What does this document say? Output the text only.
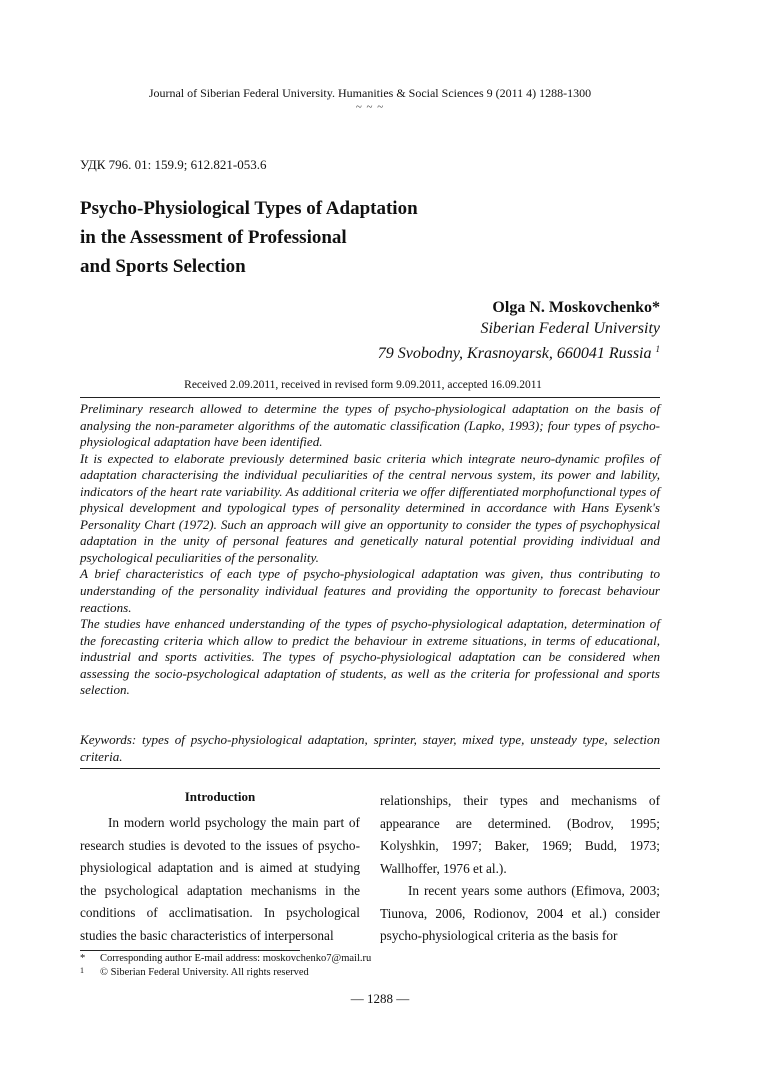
Journal of Siberian Federal University. Humanities & Social Sciences 9 (2011 4) 1288-1300
~ ~ ~
УДК 796. 01: 159.9; 612.821-053.6
Psycho-Physiological Types of Adaptation
in the Assessment of Professional
and Sports Selection
Olga N. Moskovchenko*
Siberian Federal University
79 Svobodny, Krasnoyarsk, 660041 Russia $^1$
Received 2.09.2011, received in revised form 9.09.2011, accepted 16.09.2011

Preliminary research allowed to determine the types of psycho-physiological adaptation on the basis of analysing the non-parameter algorithms of the automatic classification (Lapko, 1993); four types of psycho-physiological adaptation have been identified.

It is expected to elaborate previously determined basic criteria which integrate neuro-dynamic profiles of adaptation characterising the individual peculiarities of the central nervous system, its power and lability, indicators of the heart rate variability. As additional criteria we offer differentiated morphofunctional types of physical development and typological types of personality determined in accordance with Hans Eysenk's Personality Chart (1972). Such an approach will give an opportunity to consider the types of psychophysical adaptation in the unity of personal features and genetically natural potential providing individual and psychological peculiarities of the personality.

A brief characteristics of each type of psycho-physiological adaptation was given, thus contributing to understanding of the personality individual features and providing the opportunity to forecast behaviour reactions.

The studies have enhanced understanding of the types of psycho-physiological adaptation, determination of the forecasting criteria which allow to predict the behaviour in extreme situations, in terms of educational, industrial and sports activities. The types of psycho-physiological adaptation can be considered when assessing the socio-psychological adaptation of students, as well as the criteria for professional and sports selection.

Keywords: types of psycho-physiological adaptation, sprinter, stayer, mixed type, unsteady type, selection criteria.
Introduction

In modern world psychology the main part of research studies is devoted to the issues of psycho-physiological adaptation and is aimed at studying the psychological adaptation mechanisms in the conditions of acclimatisation. In psychological studies the basic characteristics of interpersonal

relationships, their types and mechanisms of appearance are determined. (Bodrov, 1995; Kolyshkin, 1997; Baker, 1969; Budd, 1973; Wallhoffer, 1976 et al.).

In recent years some authors (Efimova, 2003; Tiunova, 2006, Rodionov, 2004 et al.) consider psycho-physiological criteria as the basis for

* Corresponding author E-mail address: moskovchenko7@mail.ru
1 © Siberian Federal University. All rights reserved
— 1288 —
